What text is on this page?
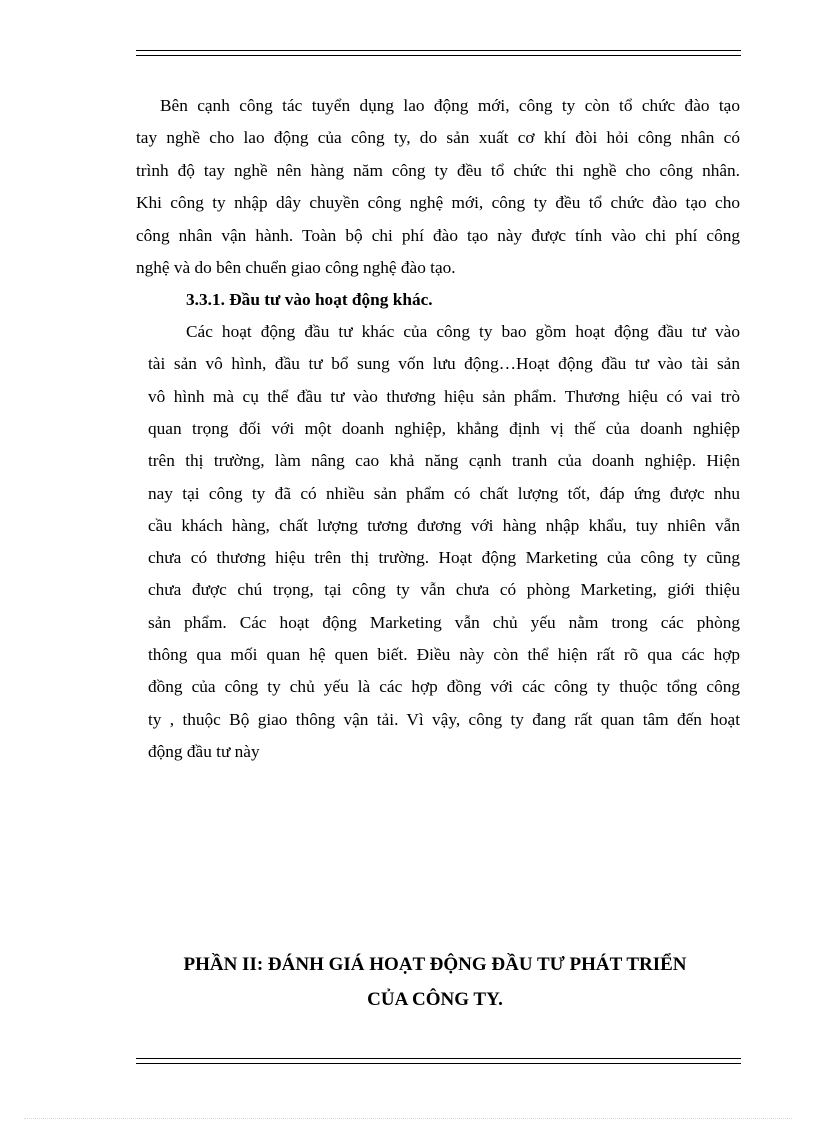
Bên cạnh công tác tuyển dụng lao động mới, công ty còn tổ chức đào tạo
tay nghề cho lao động của công ty, do sản xuất cơ khí đòi hỏi công nhân có
trình độ tay nghề nên hàng năm công ty đều tổ chức thi nghề cho công nhân.
Khi công ty nhập dây chuyền công nghệ mới, công ty đều tổ chức đào tạo cho
công nhân vận hành. Toàn bộ chi phí đào tạo này được tính vào chi phí công
nghệ và do bên chuển giao công nghệ đào tạo.
3.3.1. Đầu tư vào hoạt động khác.
Các hoạt động đầu tư khác của công ty bao gồm hoạt động đầu tư vào
tài sản vô hình, đầu tư bổ sung vốn lưu động…Hoạt động đầu tư vào tài sản
vô hình mà cụ thể đầu tư vào thương hiệu sản phẩm. Thương hiệu có vai trò
quan trọng đối với một doanh nghiệp, khẳng định vị thế của doanh nghiệp
trên thị trường, làm nâng cao khả năng cạnh tranh của doanh nghiệp. Hiện
nay tại công ty đã có nhiều sản phẩm có chất lượng tốt, đáp ứng được nhu
cầu khách hàng, chất lượng tương đương với hàng nhập khẩu, tuy nhiên vẫn
chưa có thương hiệu trên thị trường. Hoạt động Marketing của công ty cũng
chưa được chú trọng, tại công ty vẫn chưa có phòng Marketing, giới thiệu
sản phẩm. Các hoạt động Marketing vẫn chủ yếu nằm trong các phòng
thông qua mối quan hệ quen biết. Điều này còn thể hiện rất rõ qua các hợp
đồng của công ty chủ yếu là các hợp đồng với các công ty thuộc tổng công
ty , thuộc Bộ giao thông vận tải. Vì vậy, công ty đang rất quan tâm đến hoạt
động đầu tư này
PHẦN II: ĐÁNH GIÁ HOẠT ĐỘNG ĐẦU TƯ PHÁT TRIỂN
CỦA CÔNG TY.
